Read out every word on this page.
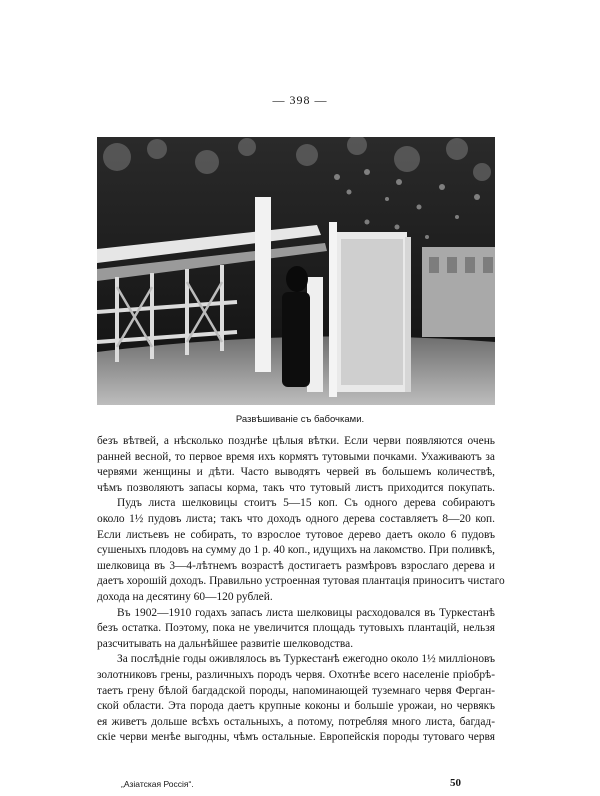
— 398 —
Развѣшиваніе съ бабочками.

безъ вѣтвей, а нѣсколько позднѣе цѣлыя вѣтки. Если черви появляются очень
ранней весной, то первое время ихъ кормятъ тутовыми почками. Ухаживаютъ за
червями женщины и дѣти. Часто выводятъ червей въ большемъ количествѣ,
чѣмъ позволяютъ запасы корма, такъ что тутовый листъ приходится покупать.

Пудъ листа шелковицы стоитъ 5—15 коп. Съ одного дерева собираютъ
около 1½ пудовъ листа; такъ что доходъ одного дерева составляетъ 8—20 коп.
Если листьевъ не собирать, то взрослое тутовое дерево даетъ около 6 пудовъ
сушеныхъ плодовъ на сумму до 1 р. 40 коп., идущихъ на лакомство. При поливкѣ,
шелковица въ 3—4-лѣтнемъ возрастѣ достигаетъ размѣровъ взрослаго дерева и
даетъ хорошій доходъ. Правильно устроенная тутовая плантація приноситъ чистаго
дохода на десятину 60—120 рублей.

Въ 1902—1910 годахъ запасъ листа шелковицы расходовался въ Туркестанѣ
безъ остатка. Поэтому, пока не увеличится площадь тутовыхъ плантацій, нельзя
разсчитывать на дальнѣйшее развитіе шелководства.

За послѣдніе годы оживлялось въ Туркестанѣ ежегодно около 1½ милліоновъ
золотниковъ грены, различныхъ породъ червя. Охотнѣе всего населеніе пріобрѣ-
таетъ грену бѣлой багдадской породы, напоминающей туземнаго червя Ферган-
ской области. Эта порода даетъ крупные коконы и большіе урожаи, но червякъ
ея живетъ дольше всѣхъ остальныхъ, а потому, потребляя много листа, багдад-
скіе черви менѣе выгодны, чѣмъ остальные. Европейскія породы тутоваго червя

„Азіатская Россія“.	50
